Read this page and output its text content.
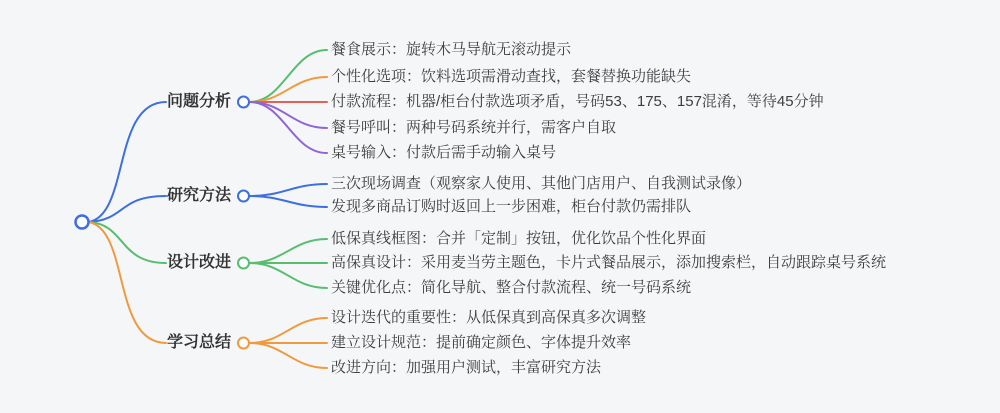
问题分析
研究方法
设计改进
学习总结
餐食展示：旋转木马导航无滚动提示
个性化选项：饮料选项需滑动查找，套餐替换功能缺失
付款流程：机器/柜台付款选项矛盾，号码53、175、157混淆，等待45分钟
餐号呼叫：两种号码系统并行，需客户自取
桌号输入：付款后需手动输入桌号
三次现场调查（观察家人使用、其他门店用户、自我测试录像）
发现多商品订购时返回上一步困难，柜台付款仍需排队
低保真线框图：合并「定制」按钮，优化饮品个性化界面
高保真设计：采用麦当劳主题色，卡片式餐品展示，添加搜索栏，自动跟踪桌号系统
关键优化点：简化导航、整合付款流程、统一号码系统
设计迭代的重要性：从低保真到高保真多次调整
建立设计规范：提前确定颜色、字体提升效率
改进方向：加强用户测试，丰富研究方法
